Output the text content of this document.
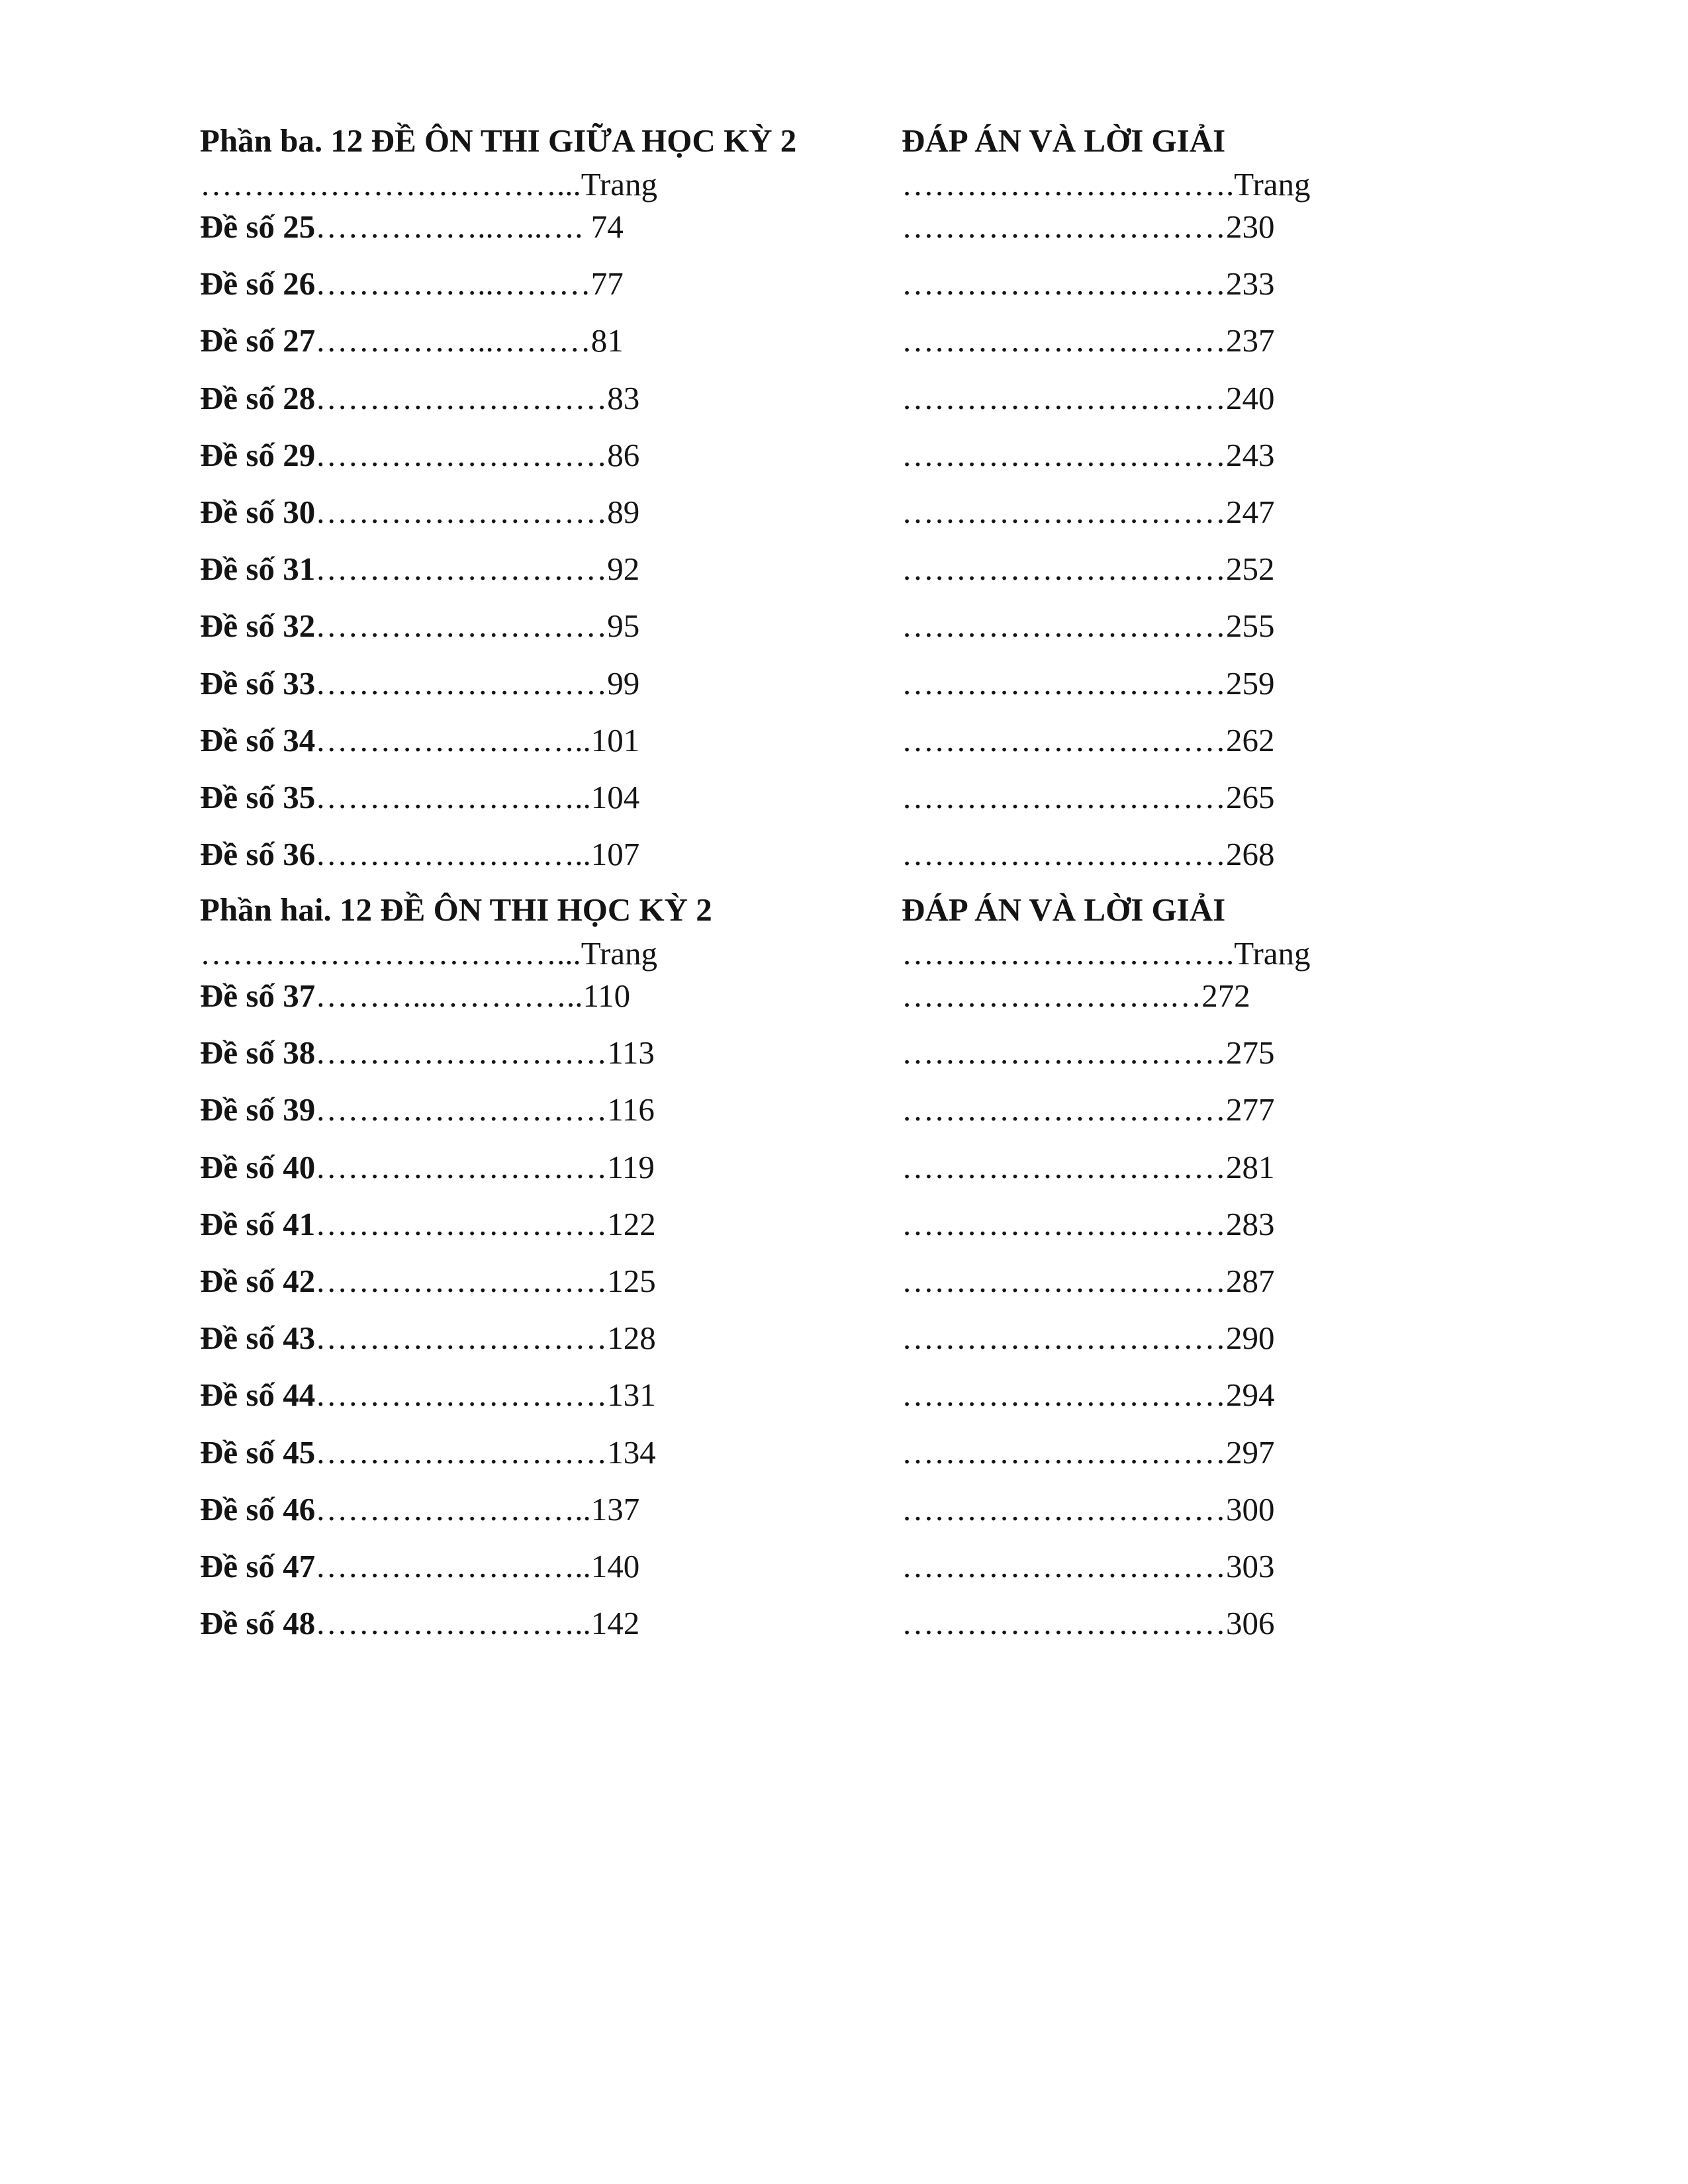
Phần ba. 12 ĐỀ ÔN THI GIỮA HỌC KỲ 2
……………………………...Trang
Đề số 25……………..…..…. 74
Đề số 26……………..………77
Đề số 27……………..………81
Đề số 28………………………83
Đề số 29………………………86
Đề số 30………………………89
Đề số 31………………………92
Đề số 32………………………95
Đề số 33………………………99
Đề số 34……………………..101
Đề số 35……………………..104
Đề số 36……………………..107
Phần hai. 12 ĐỀ ÔN THI HỌC KỲ 2
……………………………...Trang
Đề số 37………...…………..110
Đề số 38………………………113
Đề số 39………………………116
Đề số 40………………………119
Đề số 41………………………122
Đề số 42………………………125
Đề số 43………………………128
Đề số 44………………………131
Đề số 45………………………134
Đề số 46……………………..137
Đề số 47……………………..140
Đề số 48……………………..142
ĐÁP ÁN VÀ LỜI GIẢI
………………………….Trang
…………………………230
…………………………233
…………………………237
…………………………240
…………………………243
…………………………247
…………………………252
…………………………255
…………………………259
…………………………262
…………………………265
…………………………268
ĐÁP ÁN VÀ LỜI GIẢI
………………………….Trang
…………………….…272
…………………………275
…………………………277
…………………………281
…………………………283
…………………………287
…………………………290
…………………………294
…………………………297
…………………………300
…………………………303
…………………………306
